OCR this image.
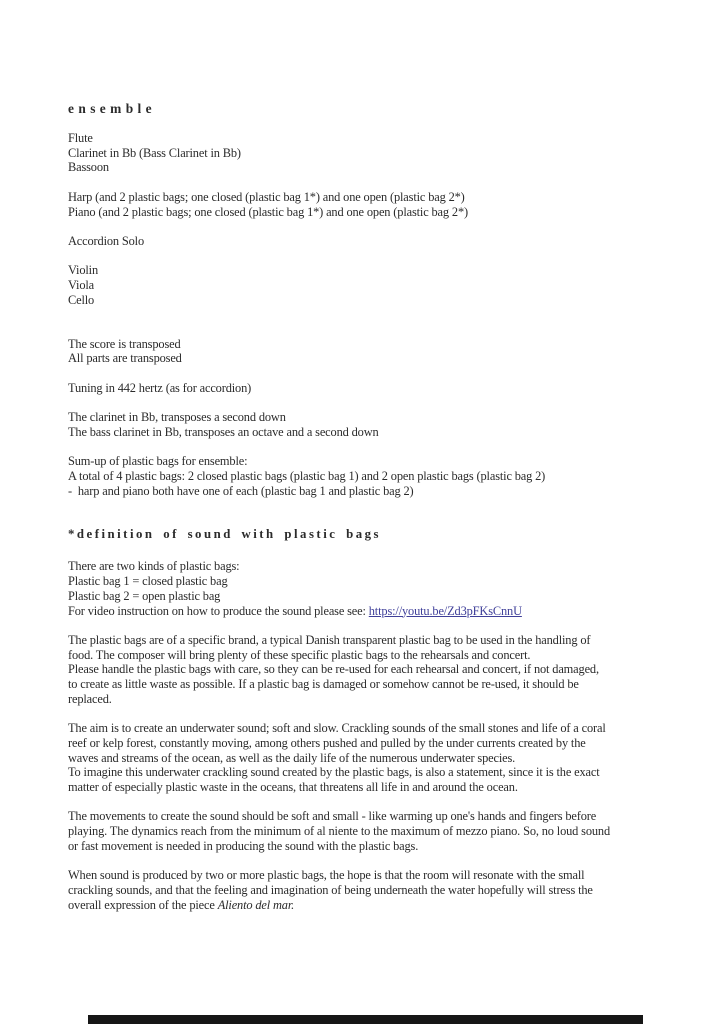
ensemble
Flute
Clarinet in Bb (Bass Clarinet in Bb)
Bassoon
Harp (and 2 plastic bags; one closed (plastic bag 1*) and one open (plastic bag 2*)
Piano (and 2 plastic bags; one closed (plastic bag 1*) and one open (plastic bag 2*)
Accordion Solo
Violin
Viola
Cello
The score is transposed
All parts are transposed
Tuning in 442 hertz (as for accordion)
The clarinet in Bb, transposes a second down
The bass clarinet in Bb, transposes an octave and a second down
Sum-up of plastic bags for ensemble:
A total of 4 plastic bags: 2 closed plastic bags (plastic bag 1) and 2 open plastic bags (plastic bag 2)
-  harp and piano both have one of each (plastic bag 1 and plastic bag 2)
*definition of sound with plastic bags
There are two kinds of plastic bags:
Plastic bag 1 = closed plastic bag
Plastic bag 2 = open plastic bag
For video instruction on how to produce the sound please see: https://youtu.be/Zd3pFKsCnnU
The plastic bags are of a specific brand, a typical Danish transparent plastic bag to be used in the handling of
food. The composer will bring plenty of these specific plastic bags to the rehearsals and concert.
Please handle the plastic bags with care, so they can be re-used for each rehearsal and concert, if not damaged,
to create as little waste as possible. If a plastic bag is damaged or somehow cannot be re-used, it should be
replaced.
The aim is to create an underwater sound; soft and slow. Crackling sounds of the small stones and life of a coral
reef or kelp forest, constantly moving, among others pushed and pulled by the under currents created by the
waves and streams of the ocean, as well as the daily life of the numerous underwater species.
To imagine this underwater crackling sound created by the plastic bags, is also a statement, since it is the exact
matter of especially plastic waste in the oceans, that threatens all life in and around the ocean.
The movements to create the sound should be soft and small - like warming up one's hands and fingers before
playing. The dynamics reach from the minimum of al niente to the maximum of mezzo piano. So, no loud sound
or fast movement is needed in producing the sound with the plastic bags.
When sound is produced by two or more plastic bags, the hope is that the room will resonate with the small
crackling sounds, and that the feeling and imagination of being underneath the water hopefully will stress the
overall expression of the piece Aliento del mar.
